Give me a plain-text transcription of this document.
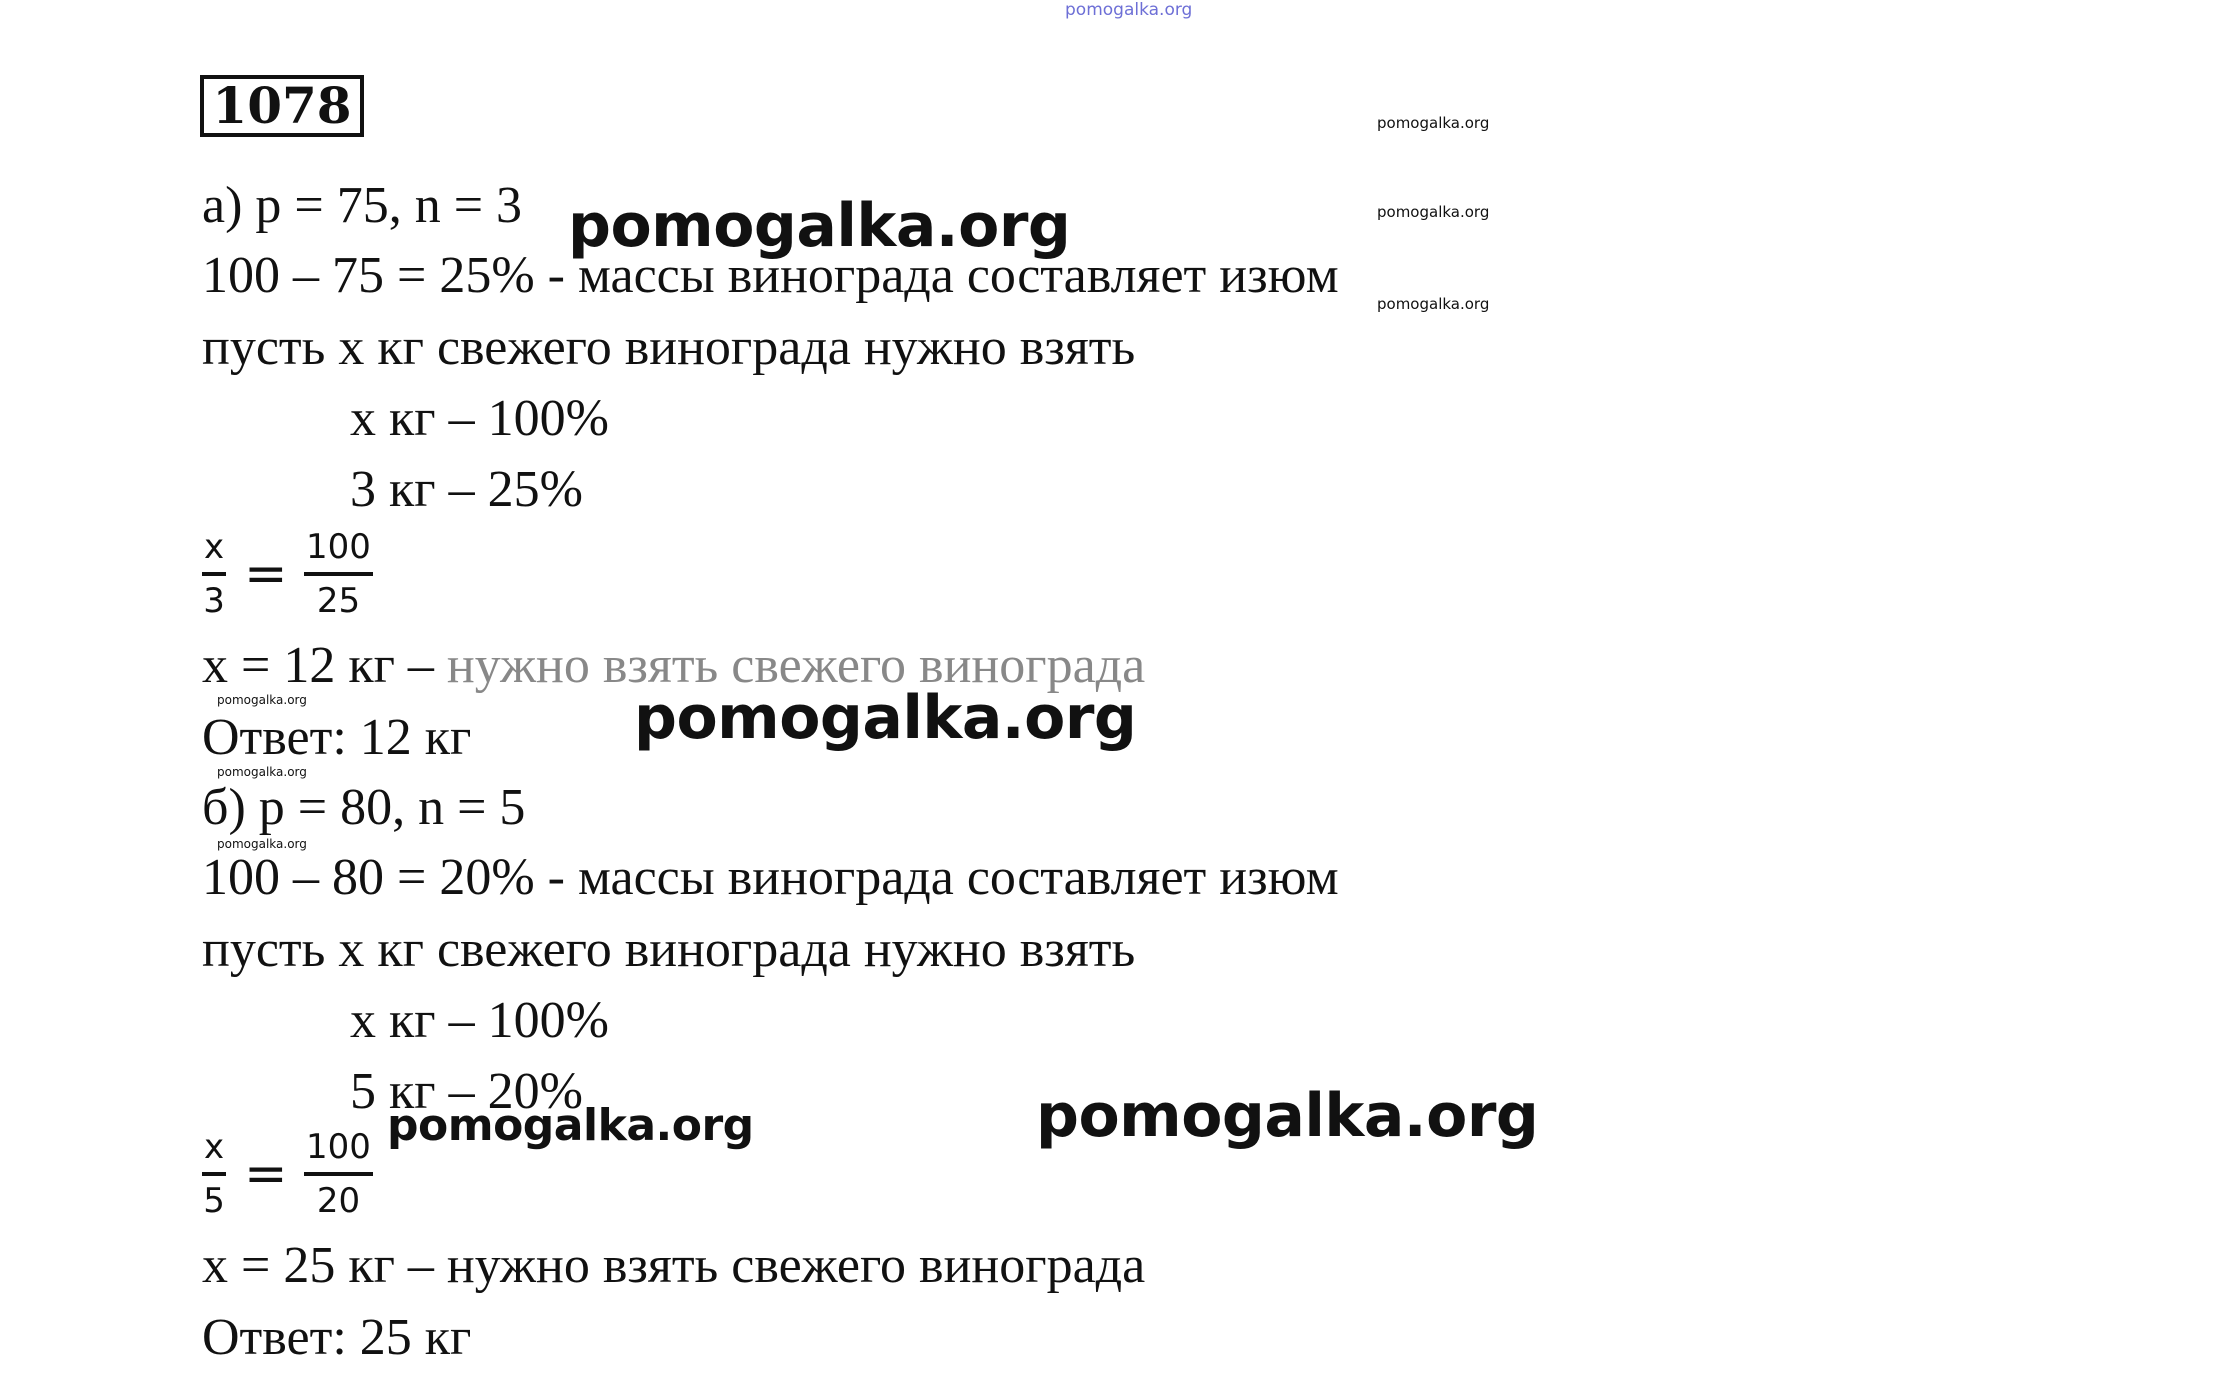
pomogalka.org
1078	pomogalka.org
pomogalka.org
pomogalka.org
а) р = 75, n = 3 pomogalka.org
100 – 75 = 25% - массы винограда составляет изюм
пусть х кг свежего винограда нужно взять
х кг – 100%
3 кг – 25%
$\frac{x}{3} = \frac{100}{25}$
х = 12 кг – нужно взять свежего винограда
pomogalka.org	pomogalka.org
Ответ: 12 кг
pomogalka.org
б) р = 80, n = 5
pomogalka.org
100 – 80 = 20% - массы винограда составляет изюм
пусть х кг свежего винограда нужно взять
х кг – 100%
5 кг – 20%
pomogalka.org	pomogalka.org
$\frac{x}{5} = \frac{100}{20}$
х = 25 кг – нужно взять свежего винограда
Ответ: 25 кг
